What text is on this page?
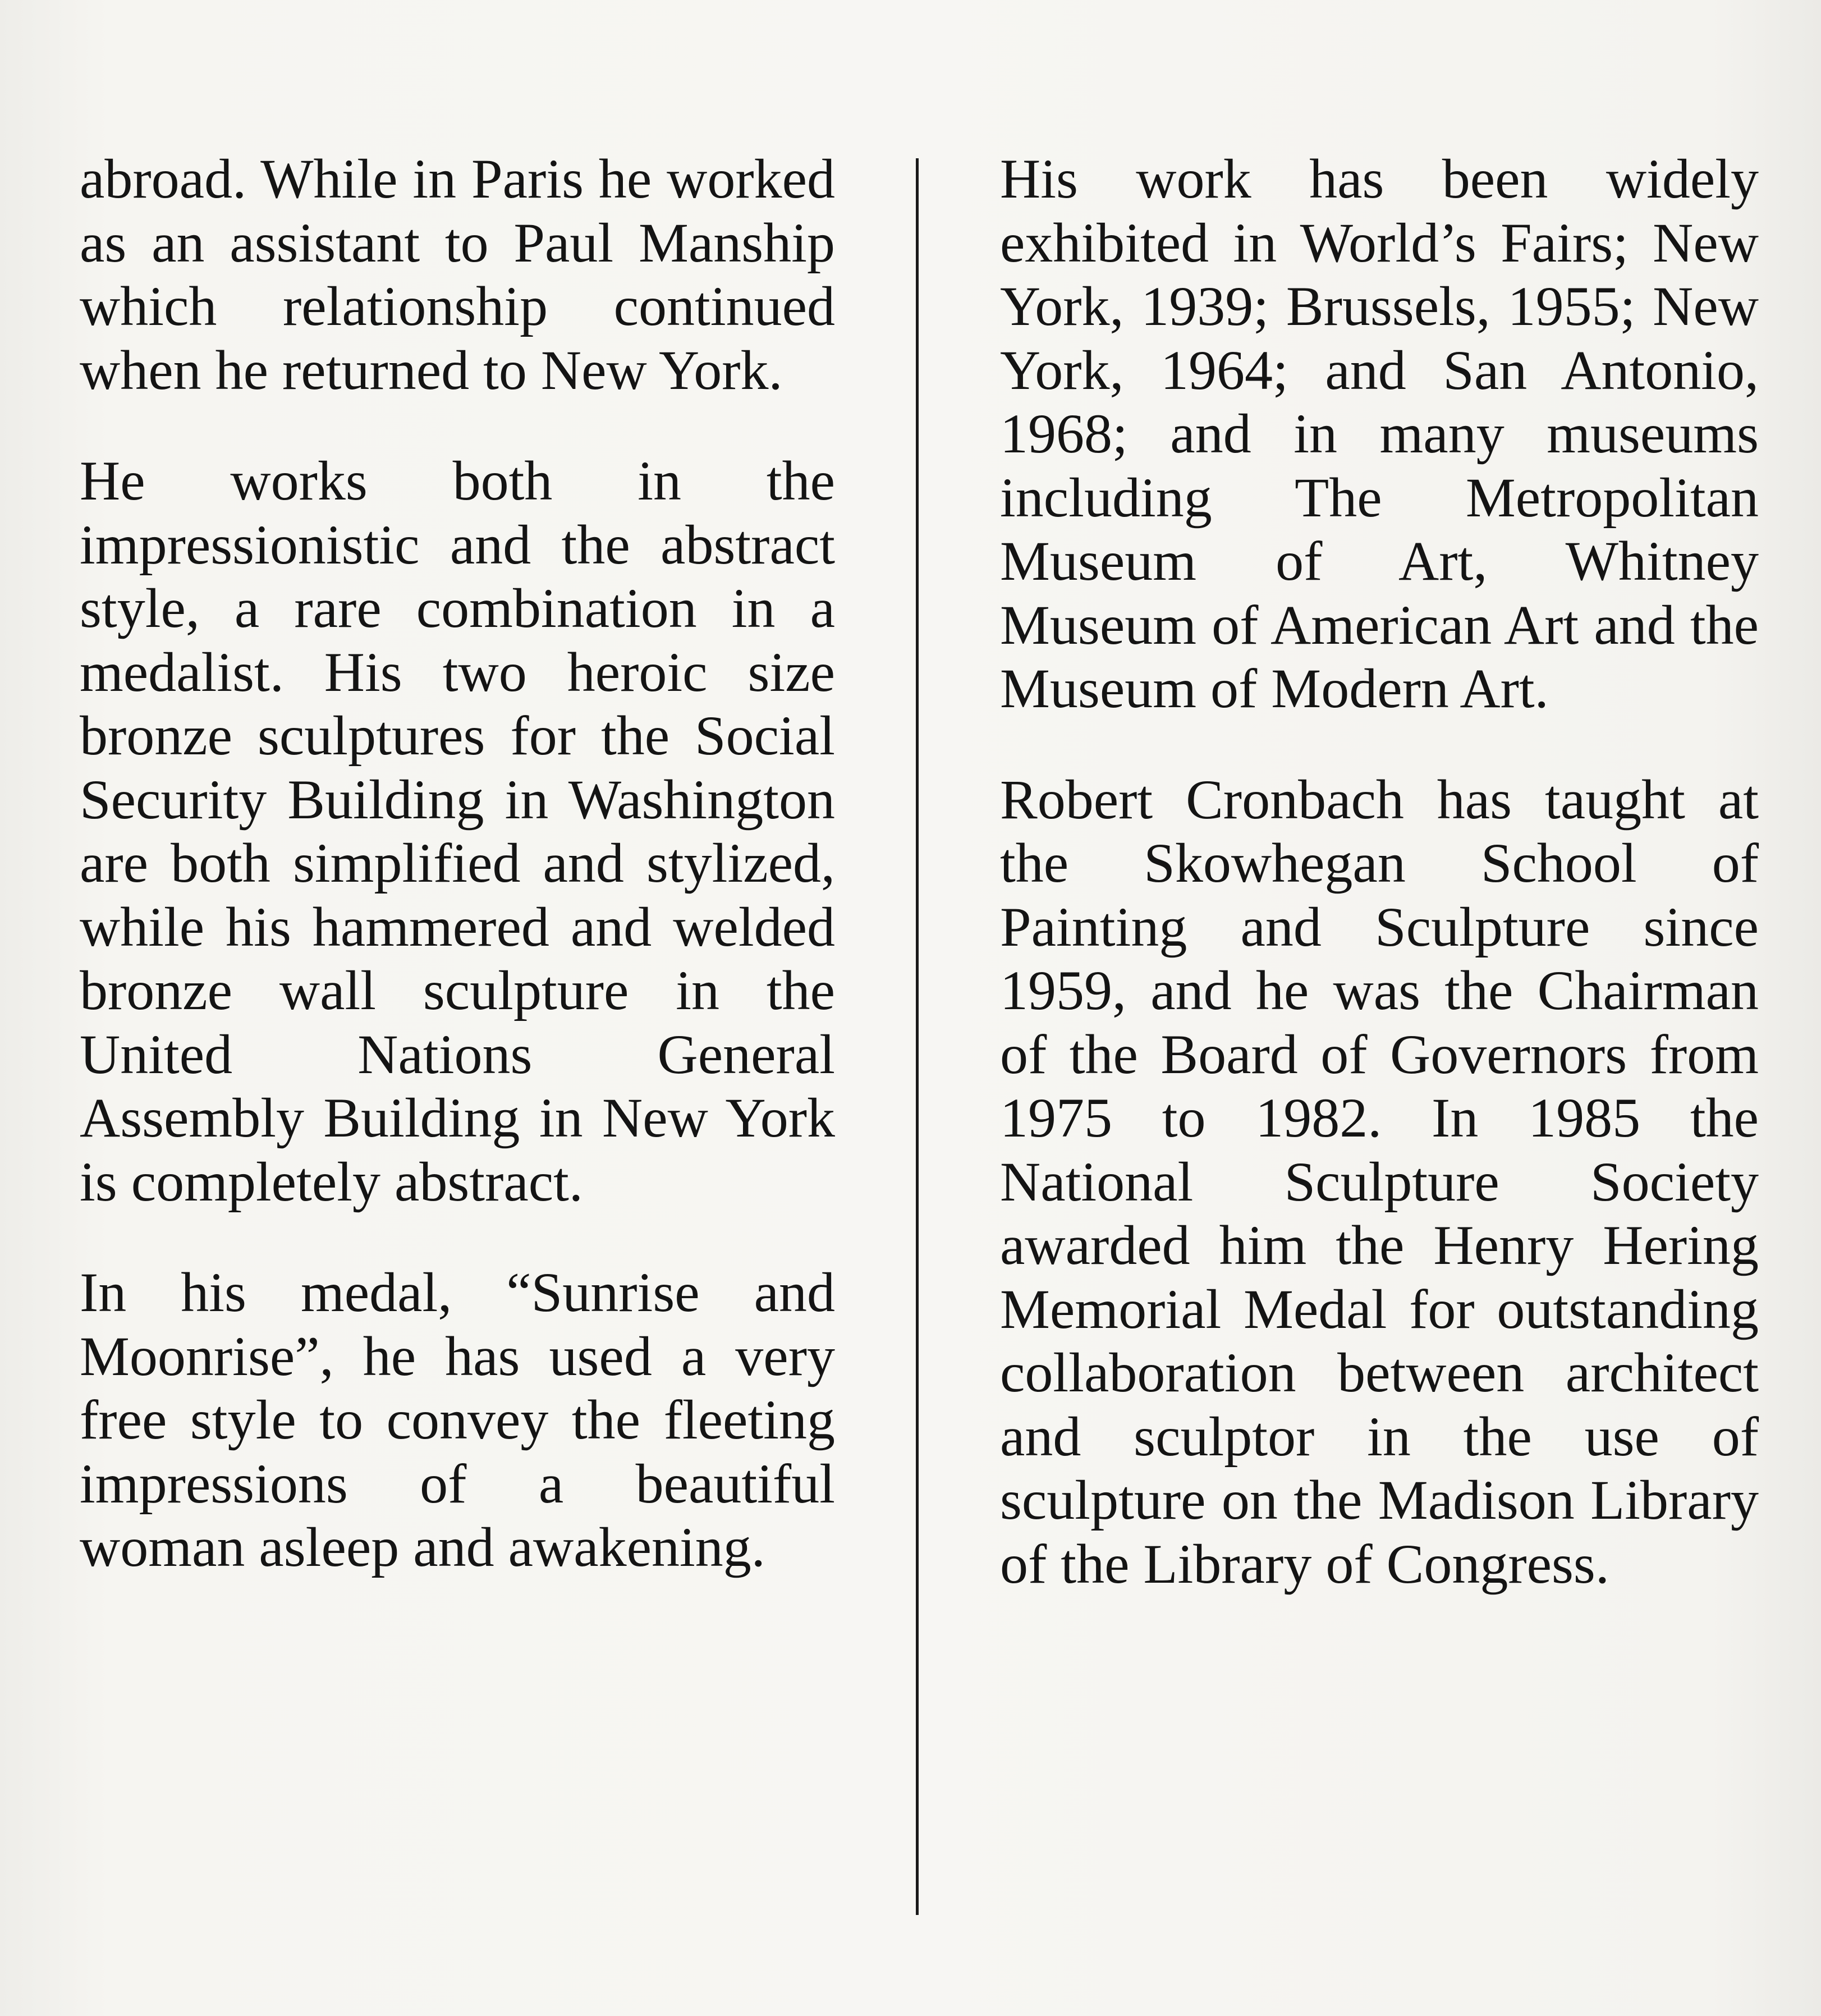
abroad. While in Paris he worked as an assistant to Paul Manship which relationship continued when he returned to New York.

He works both in the impressionistic and the abstract style, a rare combination in a medalist. His two heroic size bronze sculptures for the Social Security Building in Washington are both simplified and stylized, while his hammered and welded bronze wall sculpture in the United Nations General Assembly Building in New York is completely abstract.

In his medal, “Sunrise and Moonrise”, he has used a very free style to convey the fleeting impressions of a beautiful woman asleep and awakening.

His work has been widely exhibited in World’s Fairs; New York, 1939; Brussels, 1955; New York, 1964; and San Antonio, 1968; and in many museums including The Metropolitan Museum of Art, Whitney Museum of American Art and the Museum of Modern Art.

Robert Cronbach has taught at the Skowhegan School of Painting and Sculpture since 1959, and he was the Chairman of the Board of Governors from 1975 to 1982. In 1985 the National Sculpture Society awarded him the Henry Hering Memorial Medal for outstanding collaboration between architect and sculptor in the use of sculpture on the Madison Library of the Library of Congress.
